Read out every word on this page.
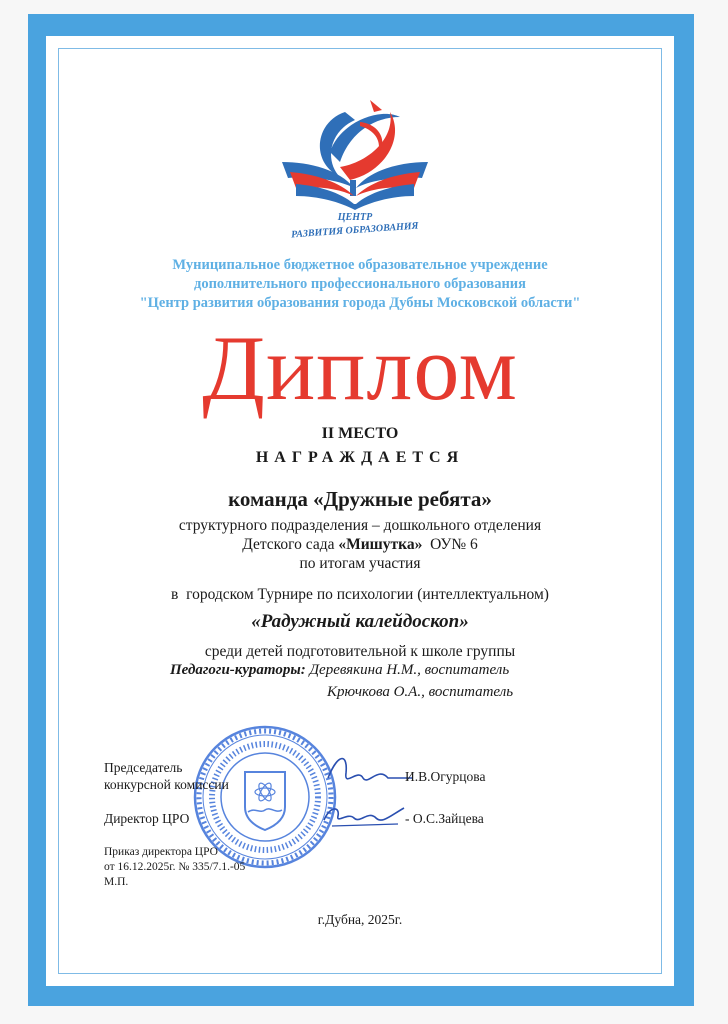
ЦЕНТР
РАЗВИТИЯ ОБРАЗОВАНИЯ
Муниципальное бюджетное образовательное учреждение
дополнительного профессионального образования
"Центр развития образования города Дубны Московской области"
Диплом
II МЕСТО
НАГРАЖДАЕТСЯ
команда «Дружные ребята»
структурного подразделения – дошкольного отделения
Детского сада «Мишутка»  ОУ№ 6
по итогам участия
в  городском Турнире по психологии (интеллектуальном)
«Радужный калейдоскоп»
среди детей подготовительной к школе группы
Педагоги-кураторы: Деревякина Н.М., воспитатель
Крючкова О.А., воспитатель
Председатель
конкурсной комиссии
И.В.Огурцова
Директор ЦРО	- О.С.Зайцева
Приказ директора ЦРО
от 16.12.2025г. № 335/7.1.-05
М.П.
г.Дубна, 2025г.
